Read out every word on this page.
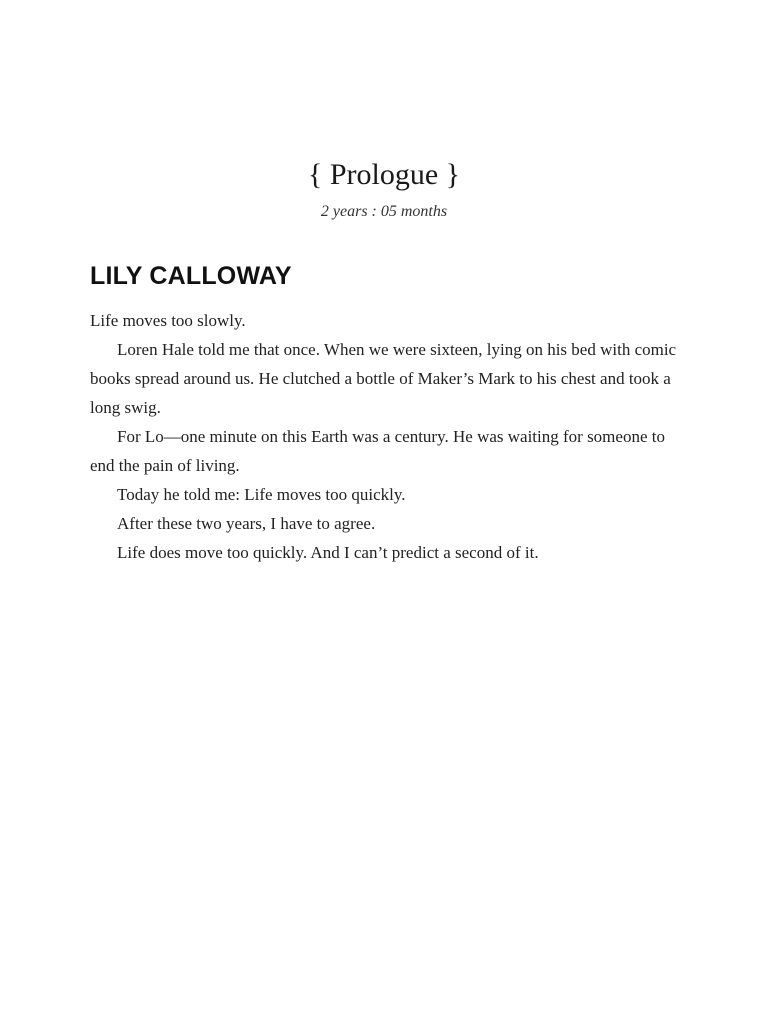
{ Prologue }
2 years : 05 months
LILY CALLOWAY

Life moves too slowly.

Loren Hale told me that once. When we were sixteen, lying on his bed with comic books spread around us. He clutched a bottle of Maker’s Mark to his chest and took a long swig.

For Lo—one minute on this Earth was a century. He was waiting for someone to end the pain of living.

Today he told me: Life moves too quickly.

After these two years, I have to agree.

Life does move too quickly. And I can’t predict a second of it.
